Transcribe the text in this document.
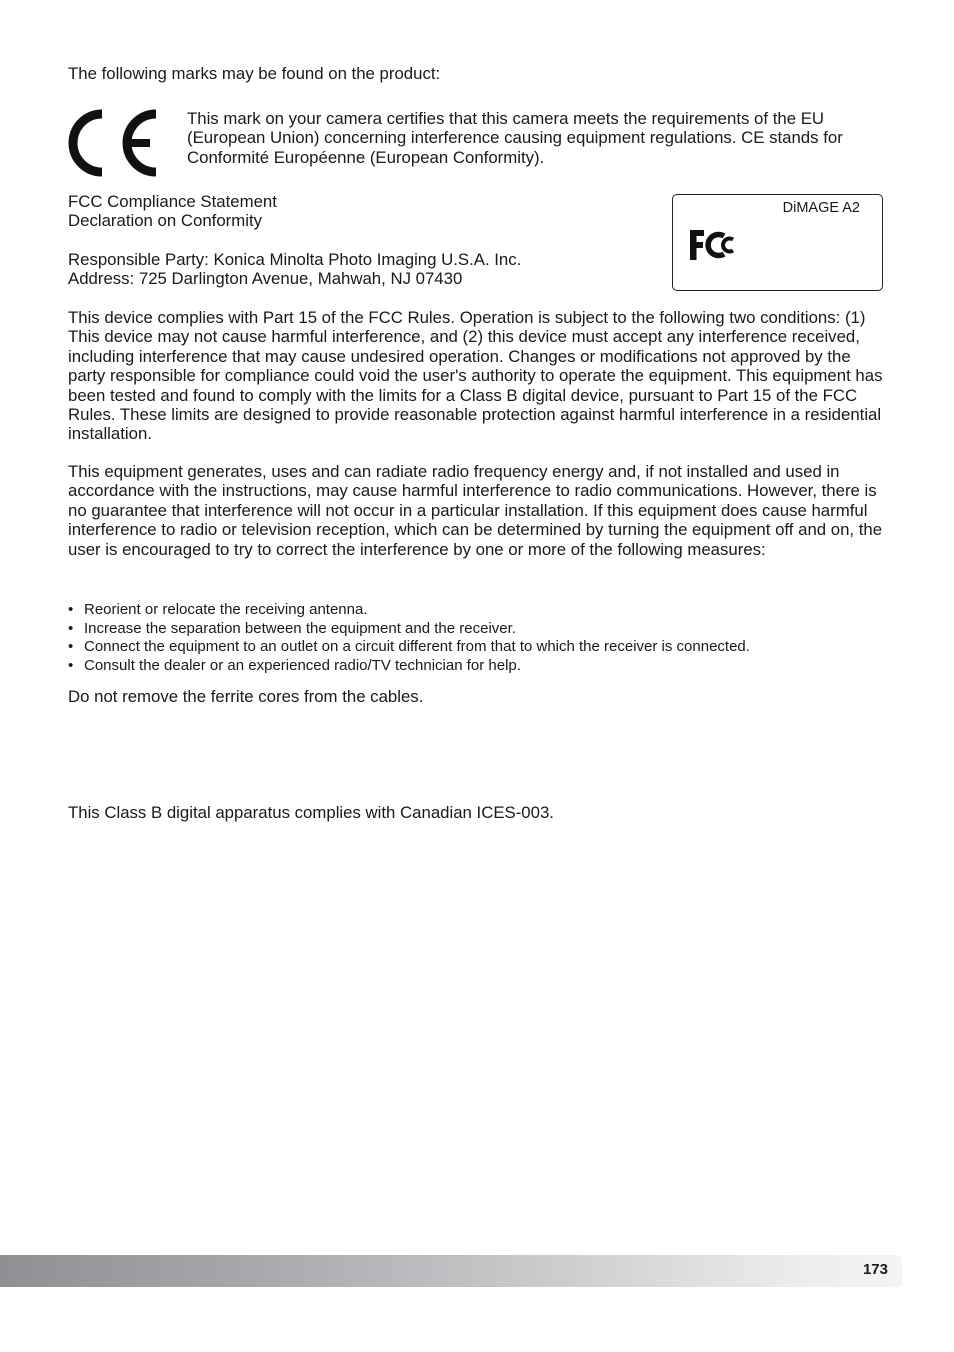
The following marks may be found on the product:

This mark on your camera certifies that this camera meets the requirements of the EU (European Union) concerning interference causing equipment regulations. CE stands for Conformité Européenne (European Conformity).

FCC Compliance Statement
Declaration on Conformity
Responsible Party: Konica Minolta Photo Imaging U.S.A. Inc.
Address: 725 Darlington Avenue, Mahwah, NJ 07430
DiMAGE A2

This device complies with Part 15 of the FCC Rules. Operation is subject to the following two conditions: (1) This device may not cause harmful interference, and (2) this device must accept any interference received, including interference that may cause undesired operation. Changes or modifications not approved by the party responsible for compliance could void the user's authority to operate the equipment. This equipment has been tested and found to comply with the limits for a Class B digital device, pursuant to Part 15 of the FCC Rules. These limits are designed to provide reasonable protection against harmful interference in a residential installation.

This equipment generates, uses and can radiate radio frequency energy and, if not installed and used in accordance with the instructions, may cause harmful interference to radio communications. However, there is no guarantee that interference will not occur in a particular installation. If this equipment does cause harmful interference to radio or television reception, which can be determined by turning the equipment off and on, the user is encouraged to try to correct the interference by one or more of the following measures:

• Reorient or relocate the receiving antenna.
• Increase the separation between the equipment and the receiver.
• Connect the equipment to an outlet on a circuit different from that to which the receiver is connected.
• Consult the dealer or an experienced radio/TV technician for help.

Do not remove the ferrite cores from the cables.

This Class B digital apparatus complies with Canadian ICES-003.

173
